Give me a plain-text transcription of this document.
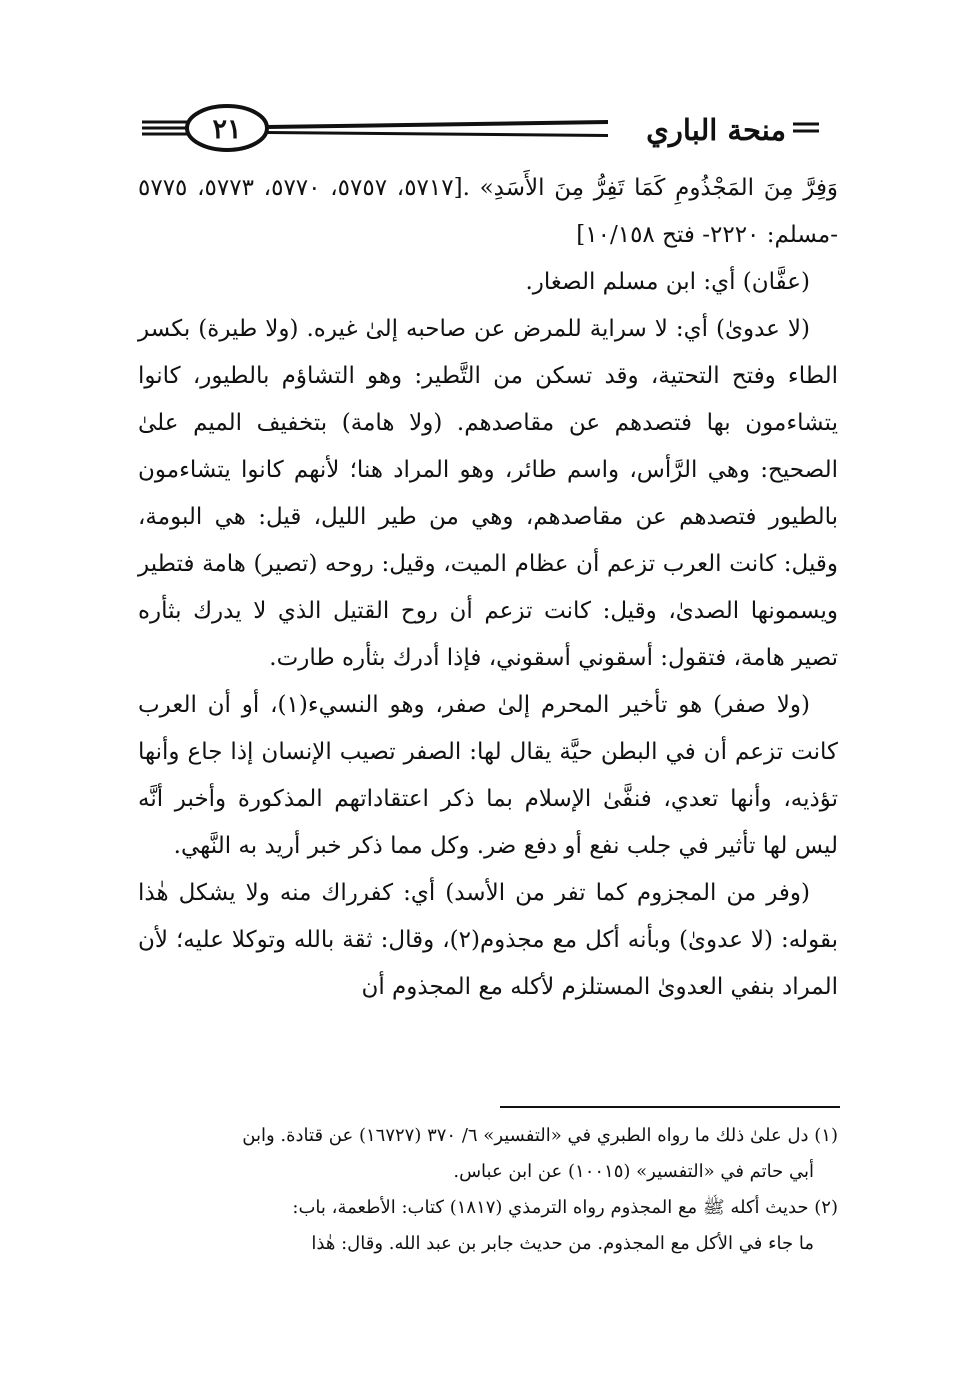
٢١	منحة الباري

وَفِرَّ مِنَ المَجْذُومِ كَمَا تَفِرُّ مِنَ الأَسَدِ» .[٥٧١٧، ٥٧٥٧، ٥٧٧٠، ٥٧٧٣، ٥٧٧٥ -مسلم: ٢٢٢٠- فتح ١٠/١٥٨]

(عفَّان) أي: ابن مسلم الصغار.

(لا عدوىٰ) أي: لا سراية للمرض عن صاحبه إلىٰ غيره. (ولا طيرة) بكسر الطاء وفتح التحتية، وقد تسكن من التَّطير: وهو التشاؤم بالطيور، كانوا يتشاءمون بها فتصدهم عن مقاصدهم. (ولا هامة) بتخفيف الميم علىٰ الصحيح: وهي الرَّأس، واسم طائر، وهو المراد هنا؛ لأنهم كانوا يتشاءمون بالطيور فتصدهم عن مقاصدهم، وهي من طير الليل، قيل: هي البومة، وقيل: كانت العرب تزعم أن عظام الميت، وقيل: روحه (تصير) هامة فتطير ويسمونها الصدىٰ، وقيل: كانت تزعم أن روح القتيل الذي لا يدرك بثأره تصير هامة، فتقول: أسقوني أسقوني، فإذا أدرك بثأره طارت.

(ولا صفر) هو تأخير المحرم إلىٰ صفر، وهو النسيء(١)، أو أن العرب كانت تزعم أن في البطن حيَّة يقال لها: الصفر تصيب الإنسان إذا جاع وأنها تؤذيه، وأنها تعدي، فنفَّىٰ الإسلام بما ذكر اعتقاداتهم المذكورة وأخبر أنَّه ليس لها تأثير في جلب نفع أو دفع ضر. وكل مما ذكر خبر أريد به النَّهي.

(وفر من المجزوم كما تفر من الأسد) أي: كفرراك منه ولا يشكل هٰذا بقوله: (لا عدوىٰ) وبأنه أكل مع مجذوم(٢)، وقال: ثقة بالله وتوكلا عليه؛ لأن المراد بنفي العدوىٰ المستلزم لأكله مع المجذوم أن

(١) دل علىٰ ذلك ما رواه الطبري في «التفسير» ٦/ ٣٧٠ (١٦٧٢٧) عن قتادة. وابن

أبي حاتم في «التفسير» (١٠٠١٥) عن ابن عباس.

(٢) حديث أكله ﷺ مع المجذوم رواه الترمذي (١٨١٧) كتاب: الأطعمة، باب:

ما جاء في الأكل مع المجذوم. من حديث جابر بن عبد الله. وقال: هٰذا
